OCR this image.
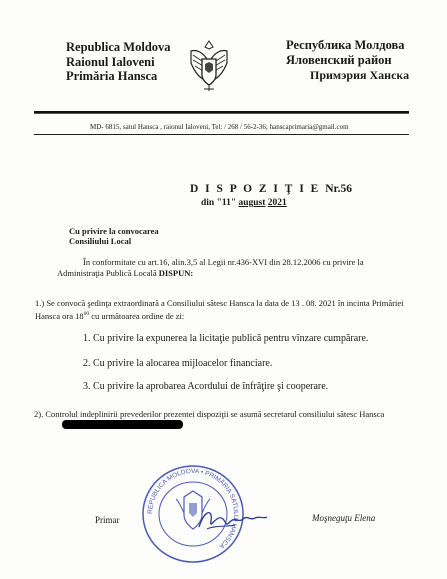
Republica Moldova
Raionul Ialoveni
Primăria Hansca
Республика Молдова
Яловенский район
Примэрия Хансκа
MD- 6815, satul Hansca , raionul Ialoveni, Tel: / 268 / 56-2-36; hanscaprimaria@gmail.com
D I S P O Z I Ţ I E Nr.56
din "11" august 2021
Cu privire la convocarea
Consiliului Local
În conformitate cu art.16, alin.3,5 al Legii nr.436-XVI din 28.12.2006 cu privire la Administraţia Publică Locală DISPUN:
1.) Se convocă şedinţa extraordinară a Consiliului sătesc Hansca la data de 13 . 08. 2021 în incinta Primăriei Hansca ora $18^{00}$ cu următoarea ordine de zi:
1. Cu privire la expunerea la licitaţie publică pentru vînzare cumpărare.
2. Cu privire la alocarea mijloacelor financiare.
3. Cu privire la aprobarea Acordului de înfrăţire şi cooperare.
2). Controlul indeplinirii prevederilor prezentei dispoziţii se asumă secretarul consiliului sătesc Hansca
REPUBLICA MOLDOVA • PRIMĂRIA SATULUI HANSCA
Primar	Moşneguţu Elena
